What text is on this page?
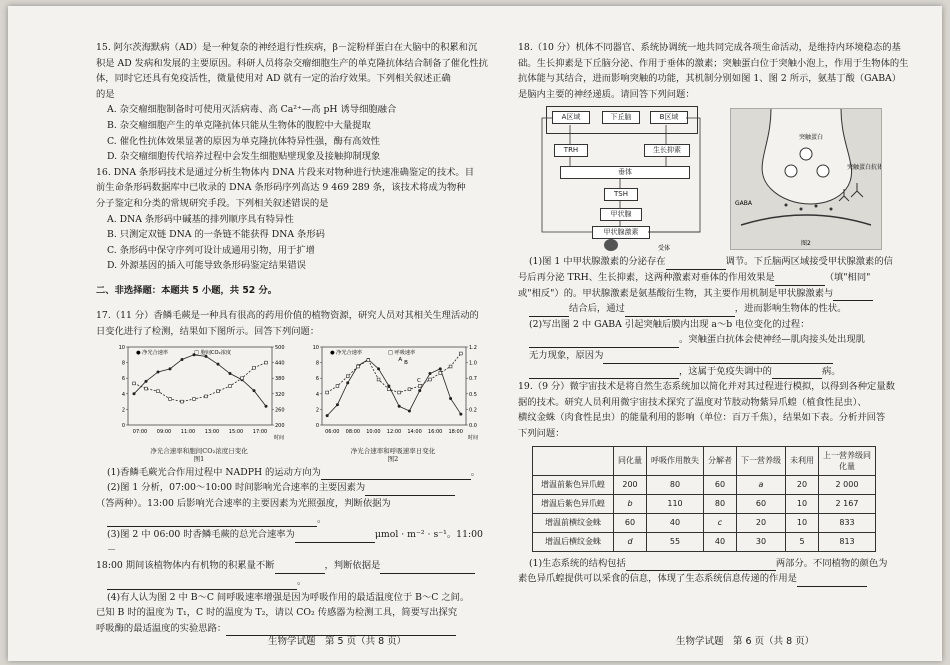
15. 阿尔茨海默病（AD）是一种复杂的神经退行性疾病，β－淀粉样蛋白在大脑中的积累和沉

积是 AD 发病和发展的主要原因。科研人员将杂交瘤细胞生产的单克隆抗体结合制备了催化性抗

体，同时它还具有免疫活性，微量使用对 AD 就有一定的治疗效果。下列相关叙述正确

的是

A. 杂交瘤细胞制备时可使用灭活病毒、高 Ca²⁺—高 pH 诱导细胞融合

B. 杂交瘤细胞产生的单克隆抗体只能从生物体的腹腔中大量提取

C. 催化性抗体效果显著的原因为单克隆抗体特异性强，酶有高效性

D. 杂交瘤细胞传代培养过程中会发生细胞贴壁现象及接触抑制现象

16. DNA 条形码技术是通过分析生物体内 DNA 片段来对物种进行快速准确鉴定的技术。目

前生命条形码数据库中已收录的 DNA 条形码序列高达 9 469 289 条，该技术将成为物种

分子鉴定和分类的常规研究手段。下列相关叙述错误的是

A. DNA 条形码中碱基的排列顺序具有特异性

B. 只测定双链 DNA 的一条链不能获得 DNA 条形码

C. 条形码中保守序列可设计成通用引物，用于扩增

D. 外源基因的插入可能导致条形码鉴定结果错误

二、非选择题：本题共 5 小题，共 52 分。

17.（11 分）香鳞毛蕨是一种具有很高的药用价值的植物资源，研究人员对其相关生理活动的

日变化进行了检测，结果如下图所示。回答下列问题：

0	200
2	260
4	320
6	380
8	440
10	500
07:00 09:00 11:00 13:00 15:00 17:00
时间
● 净光合速率	□ 胞间CO₂浓度
净光合速率和胞间CO₂浓度日变化
图1
0	0.0
2	0.2
4	0.5
6	0.7
8	1.0
10	1.2
06:00 08:00 10:00 12:00 14:00 16:00 18:00
时间
● 净光合速率	□ 呼吸速率
A
B
C
净光合速率和呼吸速率日变化
图2

(1)香鳞毛蕨光合作用过程中 NADPH 的运动方向为	。

(2)图 1 分析，07:00～10:00 时间影响光合速率的主要因素为

（答两种）。13:00 后影响光合速率的主要因素为光照强度，判断依据为

。

(3)图 2 中 06:00 时香鳞毛蕨的总光合速率为	μmol · m⁻² · s⁻¹。11:00－

18:00 期间该植物体内有机物的积累量不断	，判断依据是

。

(4)有人认为图 2 中 B～C 间呼吸速率增强是因为呼吸作用的最适温度位于 B～C 之间。

已知 B 时的温度为 T₁，C 时的温度为 T₂，请以 CO₂ 传感器为检测工具，简要写出探究

呼吸酶的最适温度的实验思路：

生物学试题　第 5 页（共 8 页）

18.（10 分）机体不同器官、系统协调统一地共同完成各项生命活动，是维持内环境稳态的基

础。生长抑素是下丘脑分泌、作用于垂体的激素；突触蛋白位于突触小泡上，作用于生物体的生

抗体能与其结合，进而影响突触的功能，其机制分别如图 1、图 2 所示，氨基丁酸（GABA）

是脑内主要的神经递质。请回答下列问题：

A区域	下丘脑	B区域
TRH	生长抑素
垂体
TSH
甲状腺
甲状腺激素
受体
突触蛋白
突触蛋白抗体
GABA
图2

(1)图 1 中甲状腺激素的分泌存在	调节。下丘脑两区域接受甲状腺激素的信

号后再分泌 TRH、生长抑素，这两种激素对垂体的作用效果是	（填"相同"

或"相反"）的。甲状腺激素是氨基酸衍生物，其主要作用机制是甲状腺激素与

结合后，通过	，进而影响生物体的性状。

(2)写出图 2 中 GABA 引起突触后膜内出现 a～b 电位变化的过程：

。突触蛋白抗体会使神经—肌肉接头处出现肌

无力现象，原因为

，这属于免疫失调中的	病。

19.（9 分）微宇宙技术是将自然生态系统加以简化并对其过程进行模拟，以得到各种定量数

据的技术。研究人员利用微宇宙技术探究了温度对节肢动物紫异爪蝗（植食性昆虫）、

横纹金蛛（肉食性昆虫）的能量利用的影响（单位：百万千焦），结果如下表。分析并回答

下列问题：

	同化量	呼吸作用散失	分解者	下一营养级	未利用	上一营养级同化量
增温前紫色异爪蝗	200	80	60	a	20	2 000
增温后紫色异爪蝗	b	110	80	60	10	2 167
增温前横纹金蛛	60	40	c	20	10	833
增温后横纹金蛛	d	55	40	30	5	813

(1)生态系统的结构包括	两部分。不同植物的颜色为

素色异爪蝗提供可以采食的信息，体现了生态系统信息传递的作用是

生物学试题　第 6 页（共 8 页）
